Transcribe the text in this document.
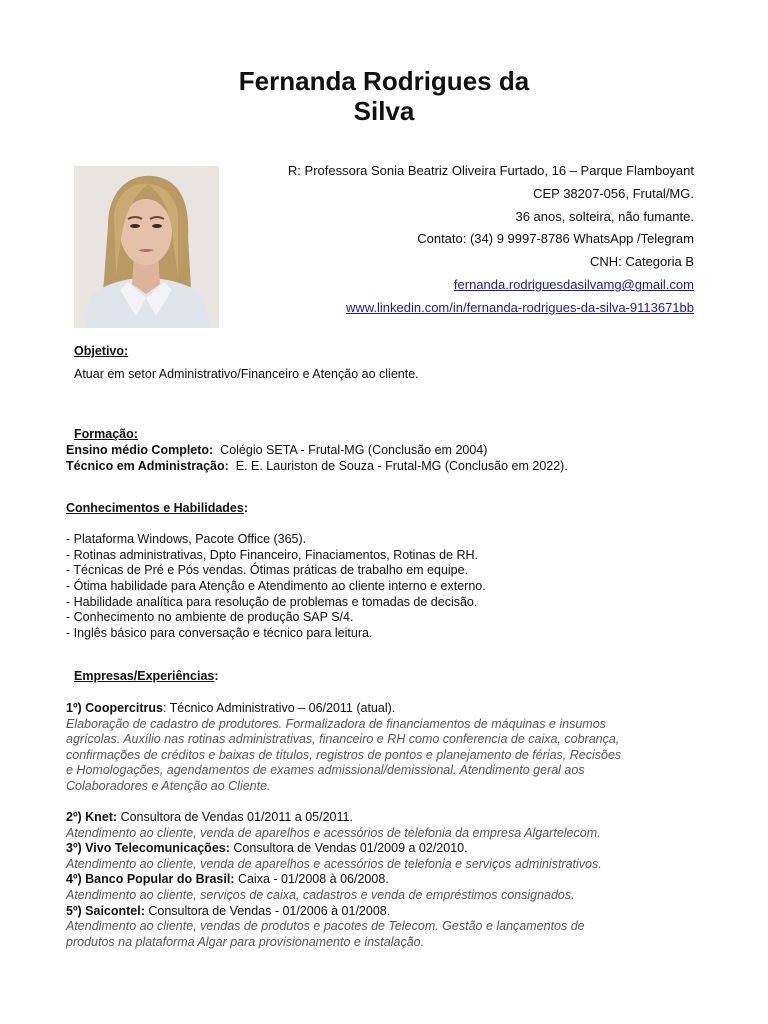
Fernanda Rodrigues da
Silva
R: Professora Sonia Beatriz Oliveira Furtado, 16 – Parque Flamboyant
CEP 38207-056, Frutal/MG.
36 anos, solteira, não fumante.
Contato: (34) 9 9997-8786 WhatsApp /Telegram
CNH: Categoria B
fernanda.rodriguesdasilvamg@gmail.com
www.linkedin.com/in/fernanda-rodrigues-da-silva-9113671bb
Objetivo:
Atuar em setor Administrativo/Financeiro e Atenção ao cliente.
Formação:
Ensino médio Completo:  Colégio SETA - Frutal-MG (Conclusão em 2004)
Técnico em Administração:  E. E. Lauriston de Souza - Frutal-MG (Conclusão em 2022).
Conhecimentos e Habilidades:
- Plataforma Windows, Pacote Office (365).
- Rotinas administrativas, Dpto Financeiro, Finaciamentos, Rotinas de RH.
- Técnicas de Pré e Pós vendas. Ótimas práticas de trabalho em equipe.
- Ótima habilidade para Atenção e Atendimento ao cliente interno e externo.
- Habilidade analítica para resolução de problemas e tomadas de decisão.
- Conhecimento no ambiente de produção SAP S/4.
- Inglês básico para conversação e técnico para leitura.
Empresas/Experiências:
1º) Coopercitrus: Técnico Administrativo – 06/2011 (atual).
Elaboração de cadastro de produtores. Formalizadora de financiamentos de máquinas e insumos
agrícolas. Auxílio nas rotinas administrativas, financeiro e RH como conferencia de caixa, cobrança,
confirmações de créditos e baixas de títulos, registros de pontos e planejamento de férias, Recisões
e Homologações, agendamentos de exames admissional/demissional. Atendimento geral aos
Colaboradores e Atenção ao Cliente.
2º) Knet: Consultora de Vendas 01/2011 a 05/2011.
Atendimento ao cliente, venda de aparelhos e acessórios de telefonia da empresa Algartelecom.
3º) Vivo Telecomunicações: Consultora de Vendas 01/2009 a 02/2010.
Atendimento ao cliente, venda de aparelhos e acessórios de telefonia e serviços administrativos.
4º) Banco Popular do Brasil: Caixa - 01/2008 à 06/2008.
Atendimento ao cliente, serviços de caixa, cadastros e venda de empréstimos consignados.
5º) Saicontel: Consultora de Vendas - 01/2006 à 01/2008.
Atendimento ao cliente, vendas de produtos e pacotes de Telecom. Gestão e lançamentos de
produtos na plataforma Algar para provisionamento e instalação.
